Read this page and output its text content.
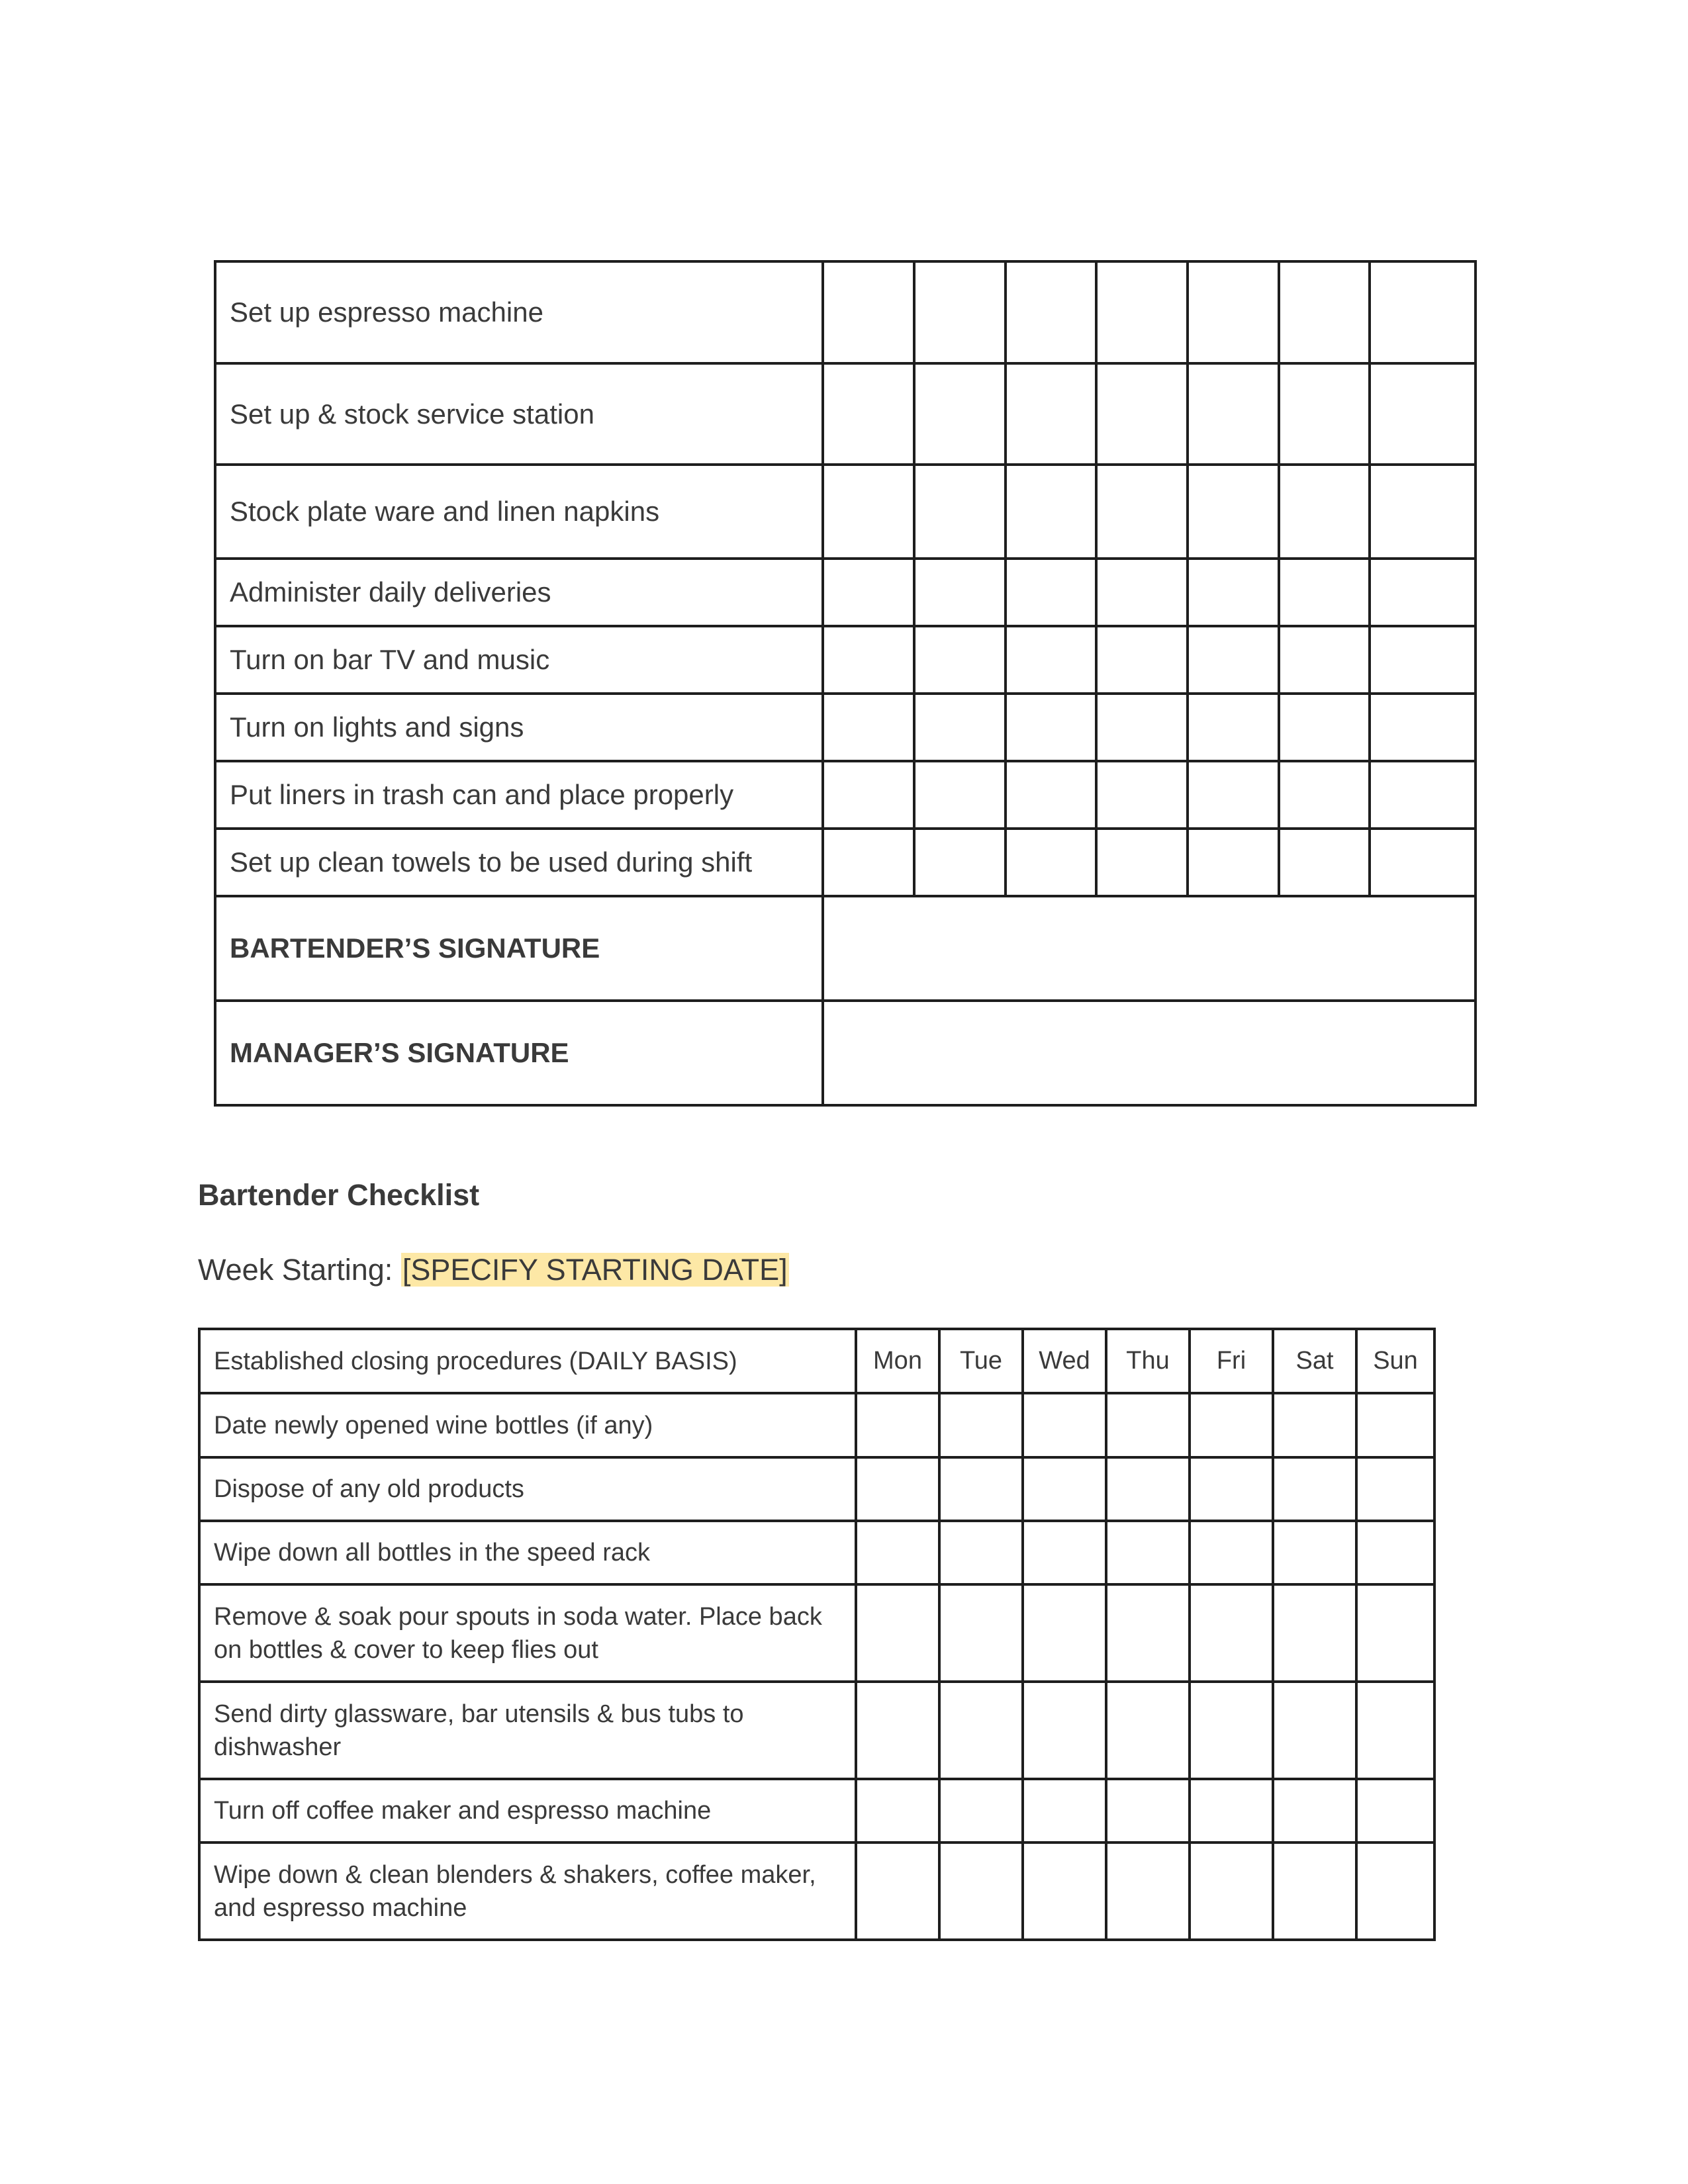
Set up espresso machine							
Set up & stock service station							
Stock plate ware and linen napkins							
Administer daily deliveries							
Turn on bar TV and music							
Turn on lights and signs							
Put liners in trash can and place properly							
Set up clean towels to be used during shift							
BARTENDER’S SIGNATURE							
MANAGER’S SIGNATURE							
Bartender Checklist
Week Starting: [SPECIFY STARTING DATE]
Established closing procedures (DAILY BASIS)	Mon	Tue	Wed	Thu	Fri	Sat	Sun
Date newly opened wine bottles (if any)							
Dispose of any old products							
Wipe down all bottles in the speed rack							
Remove & soak pour spouts in soda water. Place back on bottles & cover to keep flies out							
Send dirty glassware, bar utensils & bus tubs to dishwasher							
Turn off coffee maker and espresso machine							
Wipe down & clean blenders & shakers, coffee maker, and espresso machine							
